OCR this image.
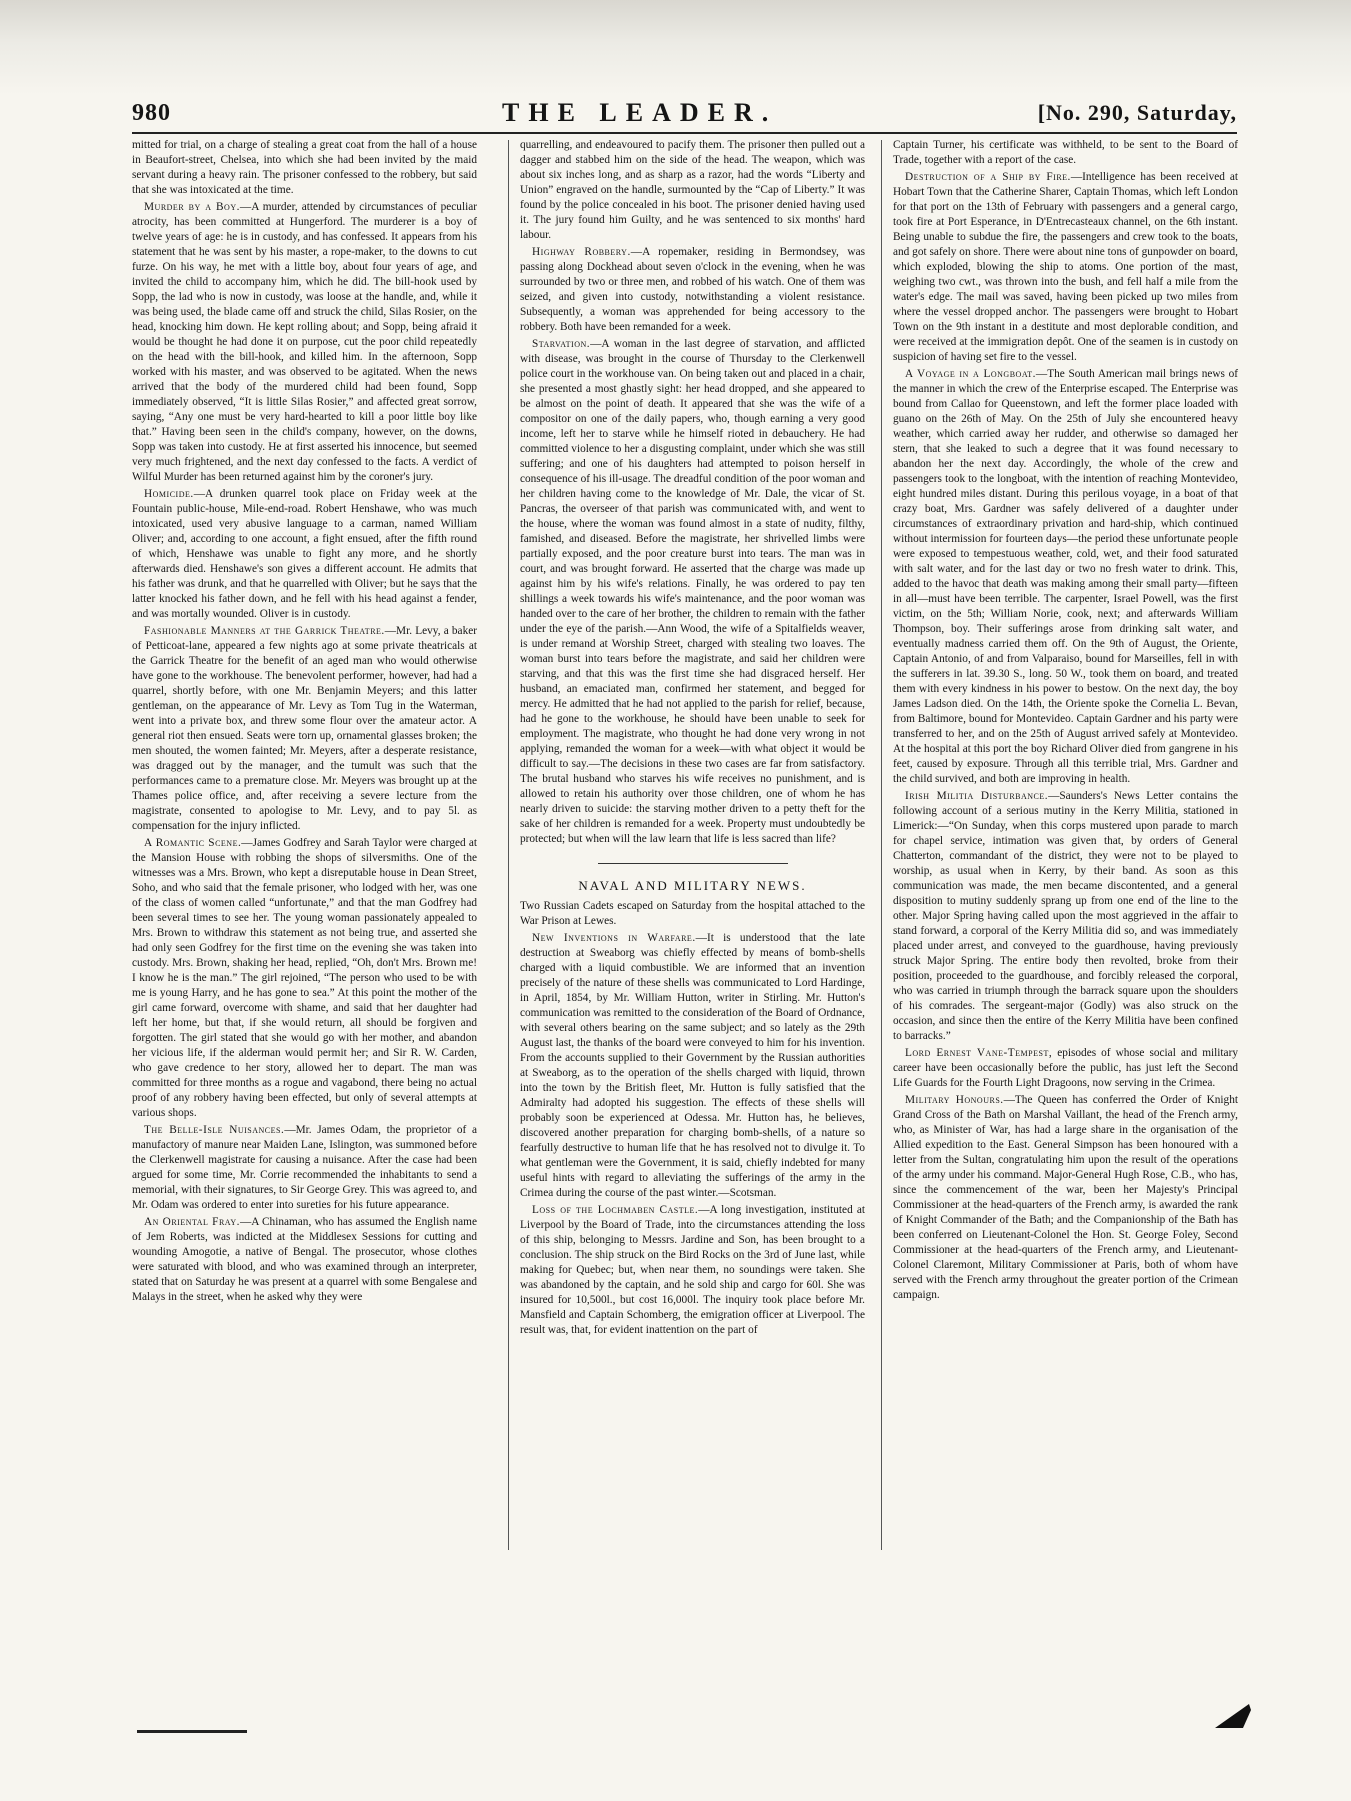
980	THE LEADER.	[No. 290, Saturday,

mitted for trial, on a charge of stealing a great coat from the hall of a house in Beaufort-street, Chelsea, into which she had been invited by the maid servant during a heavy rain. The prisoner confessed to the robbery, but said that she was intoxicated at the time.

Murder by a Boy.—A murder, attended by circumstances of peculiar atrocity, has been committed at Hungerford. The murderer is a boy of twelve years of age: he is in custody, and has confessed. It appears from his statement that he was sent by his master, a rope-maker, to the downs to cut furze. On his way, he met with a little boy, about four years of age, and invited the child to accompany him, which he did. The bill-hook used by Sopp, the lad who is now in custody, was loose at the handle, and, while it was being used, the blade came off and struck the child, Silas Rosier, on the head, knocking him down. He kept rolling about; and Sopp, being afraid it would be thought he had done it on purpose, cut the poor child repeatedly on the head with the bill-hook, and killed him. In the afternoon, Sopp worked with his master, and was observed to be agitated. When the news arrived that the body of the murdered child had been found, Sopp immediately observed, “It is little Silas Rosier,” and affected great sorrow, saying, “Any one must be very hard-hearted to kill a poor little boy like that.” Having been seen in the child's company, however, on the downs, Sopp was taken into custody. He at first asserted his innocence, but seemed very much frightened, and the next day confessed to the facts. A verdict of Wilful Murder has been returned against him by the coroner's jury.

Homicide.—A drunken quarrel took place on Friday week at the Fountain public-house, Mile-end-road. Robert Henshawe, who was much intoxicated, used very abusive language to a carman, named William Oliver; and, according to one account, a fight ensued, after the fifth round of which, Henshawe was unable to fight any more, and he shortly afterwards died. Henshawe's son gives a different account. He admits that his father was drunk, and that he quarrelled with Oliver; but he says that the latter knocked his father down, and he fell with his head against a fender, and was mortally wounded. Oliver is in custody.

Fashionable Manners at the Garrick Theatre.—Mr. Levy, a baker of Petticoat-lane, appeared a few nights ago at some private theatricals at the Garrick Theatre for the benefit of an aged man who would otherwise have gone to the workhouse. The benevolent performer, however, had had a quarrel, shortly before, with one Mr. Benjamin Meyers; and this latter gentleman, on the appearance of Mr. Levy as Tom Tug in the Waterman, went into a private box, and threw some flour over the amateur actor. A general riot then ensued. Seats were torn up, ornamental glasses broken; the men shouted, the women fainted; Mr. Meyers, after a desperate resistance, was dragged out by the manager, and the tumult was such that the performances came to a premature close. Mr. Meyers was brought up at the Thames police office, and, after receiving a severe lecture from the magistrate, consented to apologise to Mr. Levy, and to pay 5l. as compensation for the injury inflicted.

A Romantic Scene.—James Godfrey and Sarah Taylor were charged at the Mansion House with robbing the shops of silversmiths. One of the witnesses was a Mrs. Brown, who kept a disreputable house in Dean Street, Soho, and who said that the female prisoner, who lodged with her, was one of the class of women called “unfortunate,” and that the man Godfrey had been several times to see her. The young woman passionately appealed to Mrs. Brown to withdraw this statement as not being true, and asserted she had only seen Godfrey for the first time on the evening she was taken into custody. Mrs. Brown, shaking her head, replied, “Oh, don't Mrs. Brown me! I know he is the man.” The girl rejoined, “The person who used to be with me is young Harry, and he has gone to sea.” At this point the mother of the girl came forward, overcome with shame, and said that her daughter had left her home, but that, if she would return, all should be forgiven and forgotten. The girl stated that she would go with her mother, and abandon her vicious life, if the alderman would permit her; and Sir R. W. Carden, who gave credence to her story, allowed her to depart. The man was committed for three months as a rogue and vagabond, there being no actual proof of any robbery having been effected, but only of several attempts at various shops.

The Belle-Isle Nuisances.—Mr. James Odam, the proprietor of a manufactory of manure near Maiden Lane, Islington, was summoned before the Clerkenwell magistrate for causing a nuisance. After the case had been argued for some time, Mr. Corrie recommended the inhabitants to send a memorial, with their signatures, to Sir George Grey. This was agreed to, and Mr. Odam was ordered to enter into sureties for his future appearance.

An Oriental Fray.—A Chinaman, who has assumed the English name of Jem Roberts, was indicted at the Middlesex Sessions for cutting and wounding Amogotie, a native of Bengal. The prosecutor, whose clothes were saturated with blood, and who was examined through an interpreter, stated that on Saturday he was present at a quarrel with some Bengalese and Malays in the street, when he asked why they were

quarrelling, and endeavoured to pacify them. The prisoner then pulled out a dagger and stabbed him on the side of the head. The weapon, which was about six inches long, and as sharp as a razor, had the words “Liberty and Union” engraved on the handle, surmounted by the “Cap of Liberty.” It was found by the police concealed in his boot. The prisoner denied having used it. The jury found him Guilty, and he was sentenced to six months' hard labour.

Highway Robbery.—A ropemaker, residing in Bermondsey, was passing along Dockhead about seven o'clock in the evening, when he was surrounded by two or three men, and robbed of his watch. One of them was seized, and given into custody, notwithstanding a violent resistance. Subsequently, a woman was apprehended for being accessory to the robbery. Both have been remanded for a week.

Starvation.—A woman in the last degree of starvation, and afflicted with disease, was brought in the course of Thursday to the Clerkenwell police court in the workhouse van. On being taken out and placed in a chair, she presented a most ghastly sight: her head dropped, and she appeared to be almost on the point of death. It appeared that she was the wife of a compositor on one of the daily papers, who, though earning a very good income, left her to starve while he himself rioted in debauchery. He had committed violence to her a disgusting complaint, under which she was still suffering; and one of his daughters had attempted to poison herself in consequence of his ill-usage. The dreadful condition of the poor woman and her children having come to the knowledge of Mr. Dale, the vicar of St. Pancras, the overseer of that parish was communicated with, and went to the house, where the woman was found almost in a state of nudity, filthy, famished, and diseased. Before the magistrate, her shrivelled limbs were partially exposed, and the poor creature burst into tears. The man was in court, and was brought forward. He asserted that the charge was made up against him by his wife's relations. Finally, he was ordered to pay ten shillings a week towards his wife's maintenance, and the poor woman was handed over to the care of her brother, the children to remain with the father under the eye of the parish.—Ann Wood, the wife of a Spitalfields weaver, is under remand at Worship Street, charged with stealing two loaves. The woman burst into tears before the magistrate, and said her children were starving, and that this was the first time she had disgraced herself. Her husband, an emaciated man, confirmed her statement, and begged for mercy. He admitted that he had not applied to the parish for relief, because, had he gone to the workhouse, he should have been unable to seek for employment. The magistrate, who thought he had done very wrong in not applying, remanded the woman for a week—with what object it would be difficult to say.—The decisions in these two cases are far from satisfactory. The brutal husband who starves his wife receives no punishment, and is allowed to retain his authority over those children, one of whom he has nearly driven to suicide: the starving mother driven to a petty theft for the sake of her children is remanded for a week. Property must undoubtedly be protected; but when will the law learn that life is less sacred than life?

NAVAL AND MILITARY NEWS.

Two Russian Cadets escaped on Saturday from the hospital attached to the War Prison at Lewes.

New Inventions in Warfare.—It is understood that the late destruction at Sweaborg was chiefly effected by means of bomb-shells charged with a liquid combustible. We are informed that an invention precisely of the nature of these shells was communicated to Lord Hardinge, in April, 1854, by Mr. William Hutton, writer in Stirling. Mr. Hutton's communication was remitted to the consideration of the Board of Ordnance, with several others bearing on the same subject; and so lately as the 29th August last, the thanks of the board were conveyed to him for his invention. From the accounts supplied to their Government by the Russian authorities at Sweaborg, as to the operation of the shells charged with liquid, thrown into the town by the British fleet, Mr. Hutton is fully satisfied that the Admiralty had adopted his suggestion. The effects of these shells will probably soon be experienced at Odessa. Mr. Hutton has, he believes, discovered another preparation for charging bomb-shells, of a nature so fearfully destructive to human life that he has resolved not to divulge it. To what gentleman were the Government, it is said, chiefly indebted for many useful hints with regard to alleviating the sufferings of the army in the Crimea during the course of the past winter.—Scotsman.

Loss of the Lochmaben Castle.—A long investigation, instituted at Liverpool by the Board of Trade, into the circumstances attending the loss of this ship, belonging to Messrs. Jardine and Son, has been brought to a conclusion. The ship struck on the Bird Rocks on the 3rd of June last, while making for Quebec; but, when near them, no soundings were taken. She was abandoned by the captain, and he sold ship and cargo for 60l. She was insured for 10,500l., but cost 16,000l. The inquiry took place before Mr. Mansfield and Captain Schomberg, the emigration officer at Liverpool. The result was, that, for evident inattention on the part of

Captain Turner, his certificate was withheld, to be sent to the Board of Trade, together with a report of the case.

Destruction of a Ship by Fire.—Intelligence has been received at Hobart Town that the Catherine Sharer, Captain Thomas, which left London for that port on the 13th of February with passengers and a general cargo, took fire at Port Esperance, in D'Entrecasteaux channel, on the 6th instant. Being unable to subdue the fire, the passengers and crew took to the boats, and got safely on shore. There were about nine tons of gunpowder on board, which exploded, blowing the ship to atoms. One portion of the mast, weighing two cwt., was thrown into the bush, and fell half a mile from the water's edge. The mail was saved, having been picked up two miles from where the vessel dropped anchor. The passengers were brought to Hobart Town on the 9th instant in a destitute and most deplorable condition, and were received at the immigration depôt. One of the seamen is in custody on suspicion of having set fire to the vessel.

A Voyage in a Longboat.—The South American mail brings news of the manner in which the crew of the Enterprise escaped. The Enterprise was bound from Callao for Queenstown, and left the former place loaded with guano on the 26th of May. On the 25th of July she encountered heavy weather, which carried away her rudder, and otherwise so damaged her stern, that she leaked to such a degree that it was found necessary to abandon her the next day. Accordingly, the whole of the crew and passengers took to the longboat, with the intention of reaching Montevideo, eight hundred miles distant. During this perilous voyage, in a boat of that crazy boat, Mrs. Gardner was safely delivered of a daughter under circumstances of extraordinary privation and hard-ship, which continued without intermission for fourteen days—the period these unfortunate people were exposed to tempestuous weather, cold, wet, and their food saturated with salt water, and for the last day or two no fresh water to drink. This, added to the havoc that death was making among their small party—fifteen in all—must have been terrible. The carpenter, Israel Powell, was the first victim, on the 5th; William Norie, cook, next; and afterwards William Thompson, boy. Their sufferings arose from drinking salt water, and eventually madness carried them off. On the 9th of August, the Oriente, Captain Antonio, of and from Valparaiso, bound for Marseilles, fell in with the sufferers in lat. 39.30 S., long. 50 W., took them on board, and treated them with every kindness in his power to bestow. On the next day, the boy James Ladson died. On the 14th, the Oriente spoke the Cornelia L. Bevan, from Baltimore, bound for Montevideo. Captain Gardner and his party were transferred to her, and on the 25th of August arrived safely at Montevideo. At the hospital at this port the boy Richard Oliver died from gangrene in his feet, caused by exposure. Through all this terrible trial, Mrs. Gardner and the child survived, and both are improving in health.

Irish Militia Disturbance.—Saunders's News Letter contains the following account of a serious mutiny in the Kerry Militia, stationed in Limerick:—“On Sunday, when this corps mustered upon parade to march for chapel service, intimation was given that, by orders of General Chatterton, commandant of the district, they were not to be played to worship, as usual when in Kerry, by their band. As soon as this communication was made, the men became discontented, and a general disposition to mutiny suddenly sprang up from one end of the line to the other. Major Spring having called upon the most aggrieved in the affair to stand forward, a corporal of the Kerry Militia did so, and was immediately placed under arrest, and conveyed to the guardhouse, having previously struck Major Spring. The entire body then revolted, broke from their position, proceeded to the guardhouse, and forcibly released the corporal, who was carried in triumph through the barrack square upon the shoulders of his comrades. The sergeant-major (Godly) was also struck on the occasion, and since then the entire of the Kerry Militia have been confined to barracks.”

Lord Ernest Vane-Tempest, episodes of whose social and military career have been occasionally before the public, has just left the Second Life Guards for the Fourth Light Dragoons, now serving in the Crimea.

Military Honours.—The Queen has conferred the Order of Knight Grand Cross of the Bath on Marshal Vaillant, the head of the French army, who, as Minister of War, has had a large share in the organisation of the Allied expedition to the East. General Simpson has been honoured with a letter from the Sultan, congratulating him upon the result of the operations of the army under his command. Major-General Hugh Rose, C.B., who has, since the commencement of the war, been her Majesty's Principal Commissioner at the head-quarters of the French army, is awarded the rank of Knight Commander of the Bath; and the Companionship of the Bath has been conferred on Lieutenant-Colonel the Hon. St. George Foley, Second Commissioner at the head-quarters of the French army, and Lieutenant-Colonel Claremont, Military Commissioner at Paris, both of whom have served with the French army throughout the greater portion of the Crimean campaign.
